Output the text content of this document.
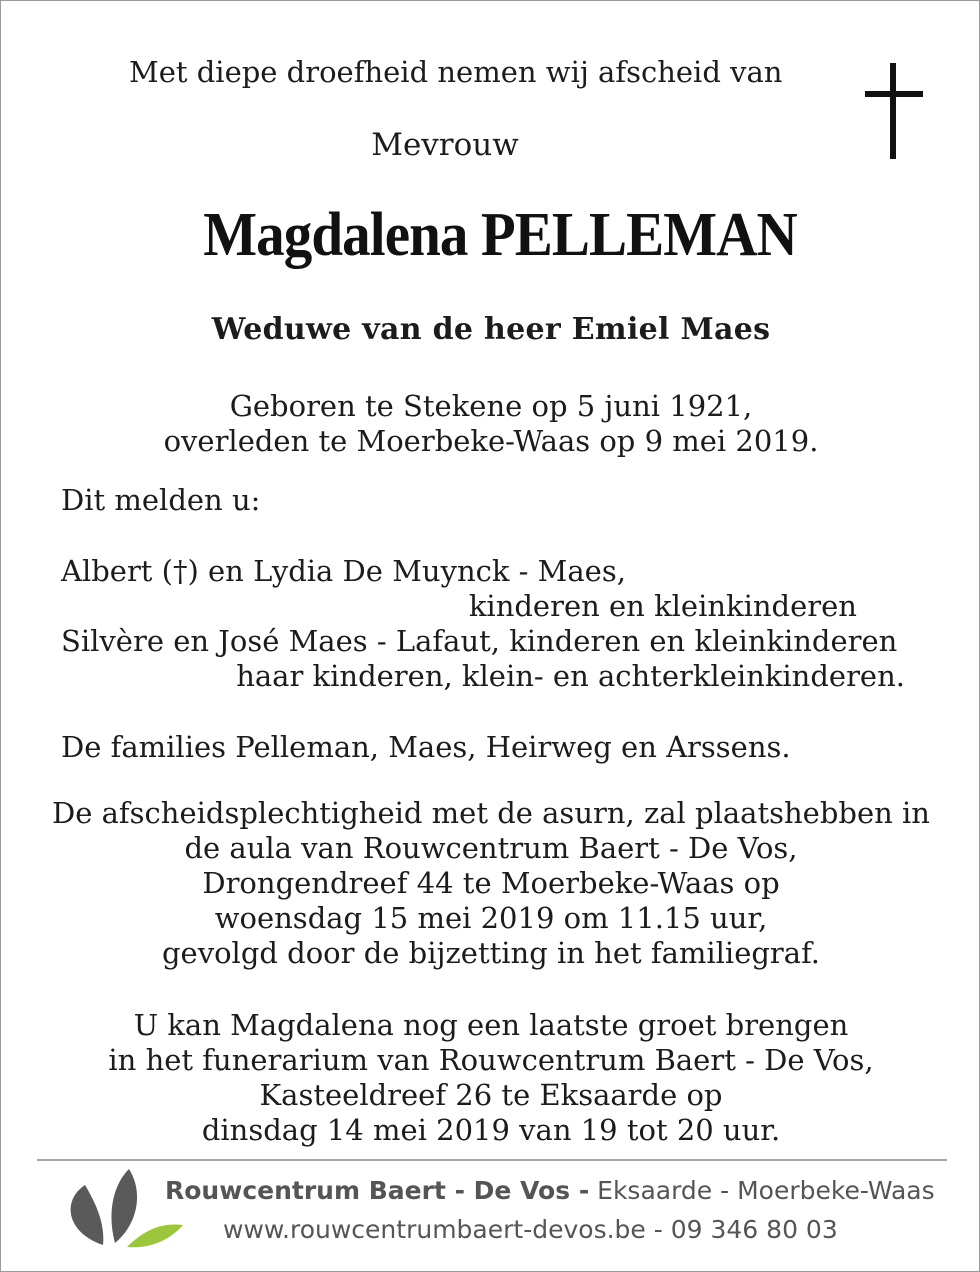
Met diepe droefheid nemen wij afscheid van
Mevrouw
Magdalena PELLEMAN
Weduwe van de heer Emiel Maes
Geboren te Stekene op 5 juni 1921,
overleden te Moerbeke-Waas op 9 mei 2019.
Dit melden u:
Albert (†) en Lydia De Muynck - Maes,
kinderen en kleinkinderen
Silvère en José Maes - Lafaut, kinderen en kleinkinderen
haar kinderen, klein- en achterkleinkinderen.
De families Pelleman, Maes, Heirweg en Arssens.
De afscheidsplechtigheid met de asurn, zal plaatshebben in
de aula van Rouwcentrum Baert - De Vos,
Drongendreef 44 te Moerbeke-Waas op
woensdag 15 mei 2019 om 11.15 uur,
gevolgd door de bijzetting in het familiegraf.
U kan Magdalena nog een laatste groet brengen
in het funerarium van Rouwcentrum Baert - De Vos,
Kasteeldreef 26 te Eksaarde op
dinsdag 14 mei 2019 van 19 tot 20 uur.
Rouwcentrum Baert - De Vos - Eksaarde - Moerbeke-Waas
www.rouwcentrumbaert-devos.be - 09 346 80 03
